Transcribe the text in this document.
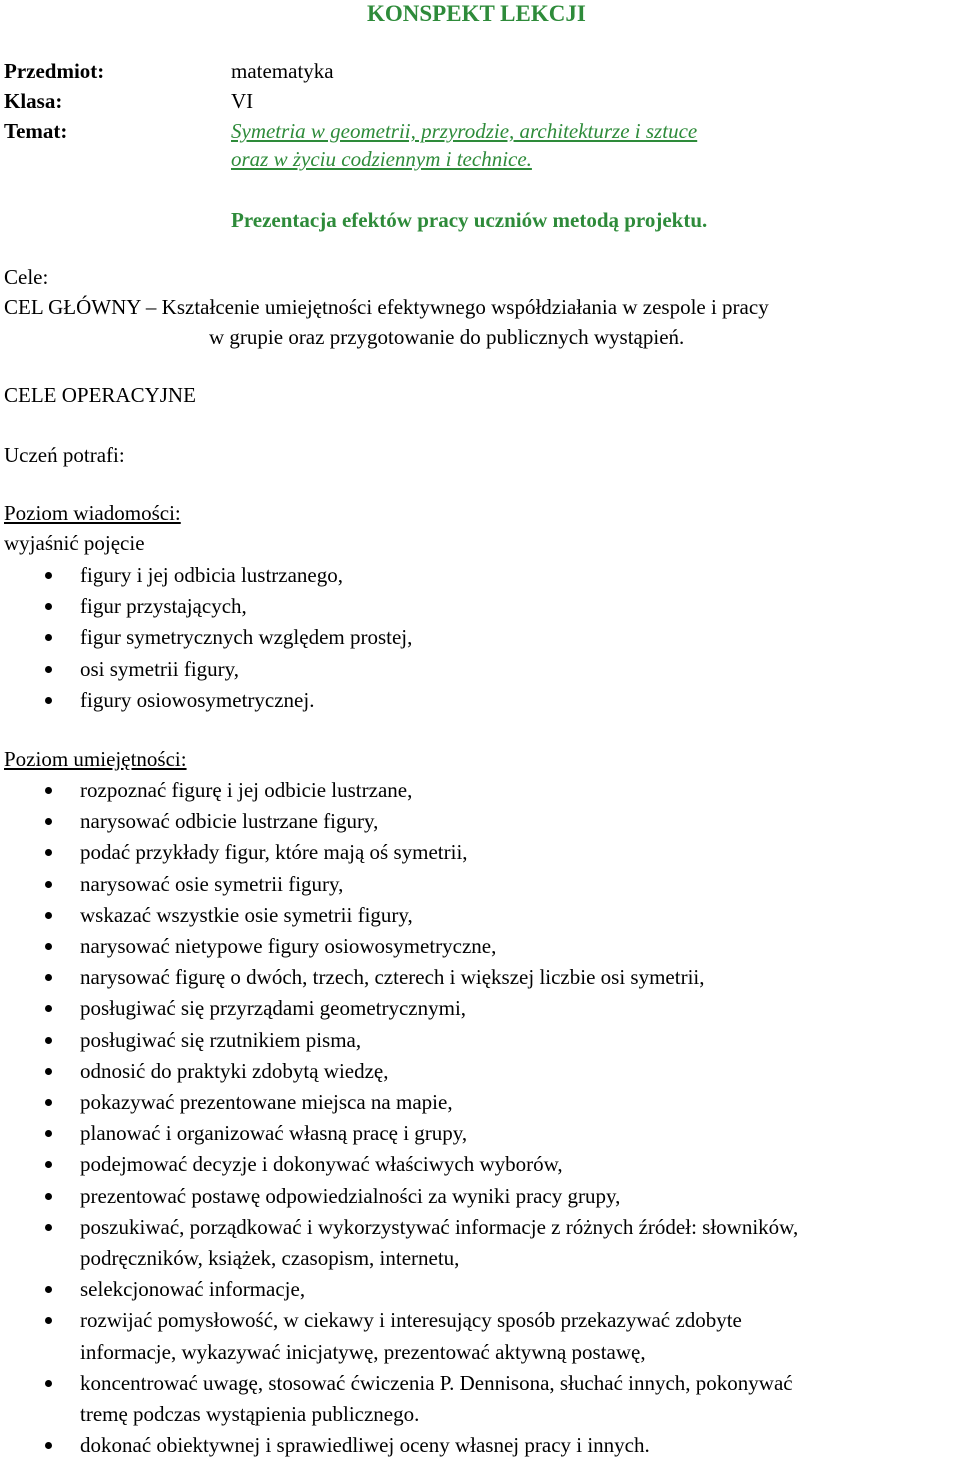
KONSPEKT LEKCJI
Przedmiot:	matematyka
Klasa:	VI
Temat:	Symetria w geometrii, przyrodzie, architekturze i sztuce
oraz w życiu codziennym i technice.
Prezentacja efektów pracy uczniów metodą projektu.
Cele:
CEL GŁÓWNY – Kształcenie umiejętności efektywnego współdziałania w zespole i pracy
w grupie oraz przygotowanie do publicznych wystąpień.
CELE OPERACYJNE
Uczeń potrafi:
Poziom wiadomości:
wyjaśnić pojęcie
figury i jej odbicia lustrzanego,
figur przystających,
figur symetrycznych względem prostej,
osi symetrii figury,
figury osiowosymetrycznej.
Poziom umiejętności:
rozpoznać figurę i jej odbicie lustrzane,
narysować odbicie lustrzane figury,
podać przykłady figur, które mają oś symetrii,
narysować osie symetrii figury,
wskazać wszystkie osie symetrii figury,
narysować nietypowe figury osiowosymetryczne,
narysować figurę o dwóch, trzech, czterech i większej liczbie osi symetrii,
posługiwać się przyrządami geometrycznymi,
posługiwać się rzutnikiem pisma,
odnosić do praktyki zdobytą wiedzę,
pokazywać prezentowane miejsca na mapie,
planować i organizować własną pracę i grupy,
podejmować decyzje i dokonywać właściwych wyborów,
prezentować postawę odpowiedzialności za wyniki pracy grupy,
poszukiwać, porządkować i wykorzystywać informacje z różnych źródeł: słowników,
podręczników, książek, czasopism, internetu,
selekcjonować informacje,
rozwijać pomysłowość, w ciekawy i interesujący sposób przekazywać zdobyte
informacje, wykazywać inicjatywę, prezentować aktywną postawę,
koncentrować uwagę, stosować ćwiczenia P. Dennisona, słuchać innych, pokonywać
tremę podczas wystąpienia publicznego.
dokonać obiektywnej i sprawiedliwej oceny własnej pracy i innych.
